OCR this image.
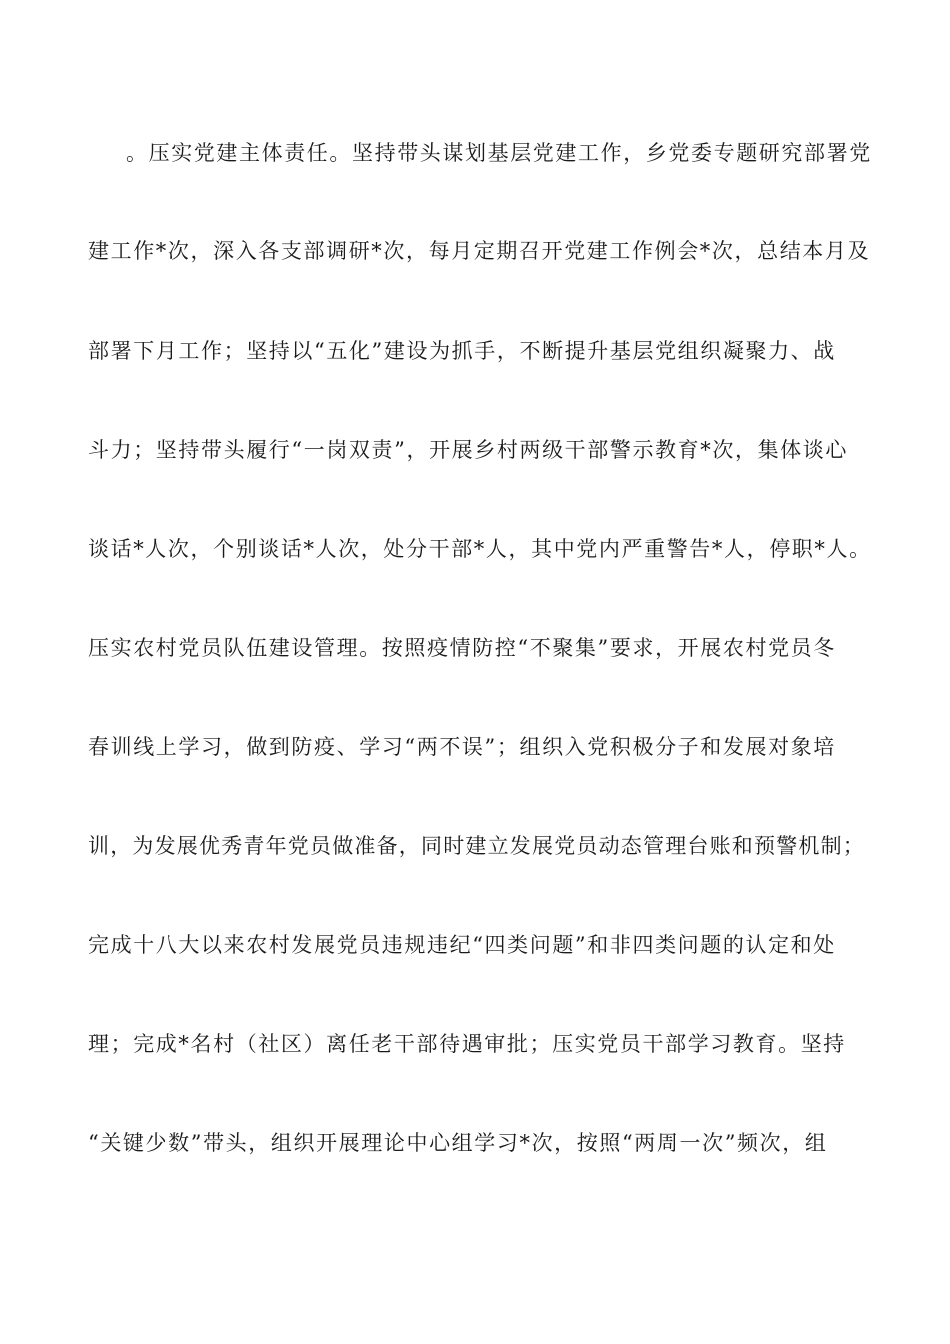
。压实党建主体责任。坚持带头谋划基层党建工作，乡党委专题研究部署党
建工作*次，深入各支部调研*次，每月定期召开党建工作例会*次，总结本月及
部署下月工作；坚持以“五化”建设为抓手，不断提升基层党组织凝聚力、战
斗力；坚持带头履行“一岗双责”，开展乡村两级干部警示教育*次，集体谈心
谈话*人次，个别谈话*人次，处分干部*人，其中党内严重警告*人，停职*人。
压实农村党员队伍建设管理。按照疫情防控“不聚集”要求，开展农村党员冬
春训线上学习，做到防疫、学习“两不误”；组织入党积极分子和发展对象培
训，为发展优秀青年党员做准备，同时建立发展党员动态管理台账和预警机制；
完成十八大以来农村发展党员违规违纪“四类问题”和非四类问题的认定和处
理；完成*名村（社区）离任老干部待遇审批；压实党员干部学习教育。坚持
“关键少数”带头，组织开展理论中心组学习*次，按照“两周一次”频次，组
